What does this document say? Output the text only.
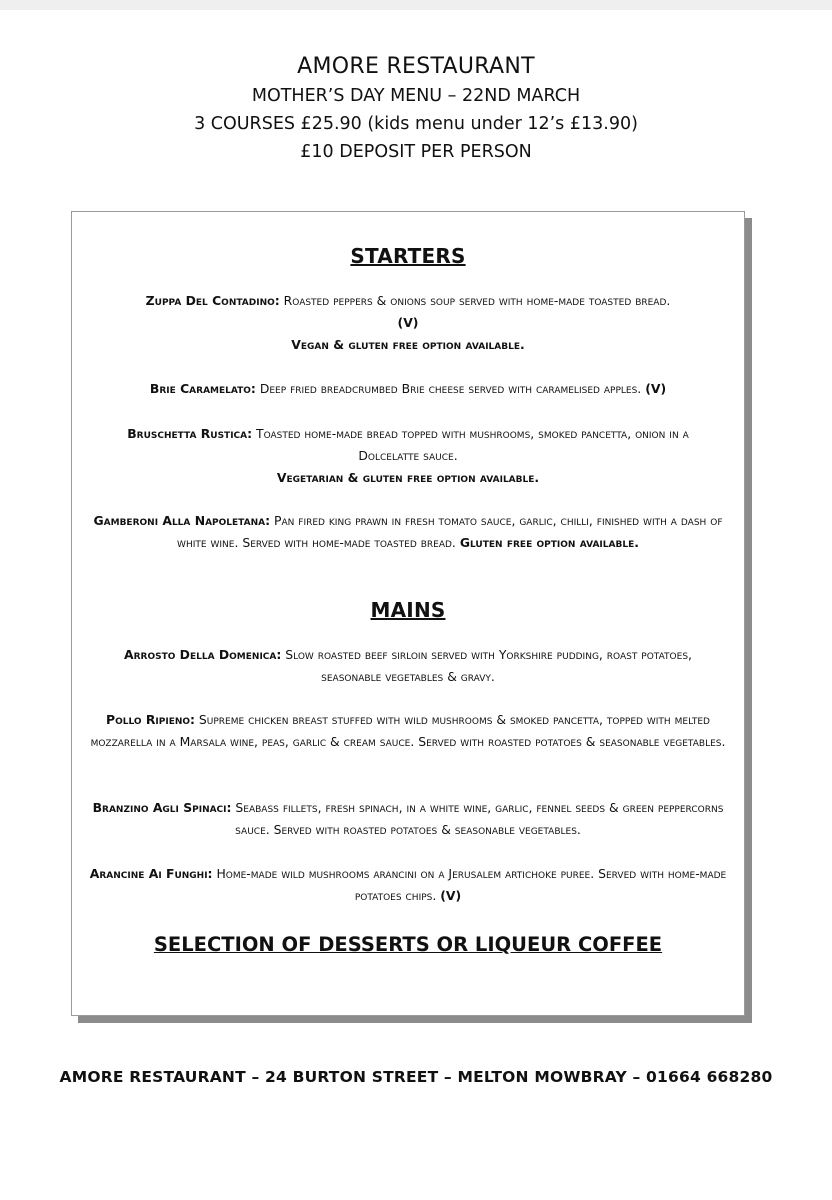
AMORE RESTAURANT
MOTHER’S DAY MENU – 22ND MARCH
3 COURSES £25.90 (kids menu under 12’s £13.90)
£10 DEPOSIT PER PERSON
STARTERS
Zuppa Del Contadino: Roasted peppers & onions soup served with home-made toasted bread.
(V)
Vegan & gluten free option available.
Brie Caramelato: Deep fried breadcrumbed Brie cheese served with caramelised apples. (V)
Bruschetta Rustica: Toasted home-made bread topped with mushrooms, smoked pancetta, onion in a Dolcelatte sauce.
Vegetarian & gluten free option available.
Gamberoni Alla Napoletana: Pan fired king prawn in fresh tomato sauce, garlic, chilli, finished with a dash of white wine. Served with home-made toasted bread. Gluten free option available.
MAINS
Arrosto Della Domenica: Slow roasted beef sirloin served with Yorkshire pudding, roast potatoes, seasonable vegetables & gravy.
Pollo Ripieno: Supreme chicken breast stuffed with wild mushrooms & smoked pancetta, topped with melted mozzarella in a Marsala wine, peas, garlic & cream sauce. Served with roasted potatoes & seasonable vegetables.
Branzino Agli Spinaci: Seabass fillets, fresh spinach, in a white wine, garlic, fennel seeds & green peppercorns sauce. Served with roasted potatoes & seasonable vegetables.
Arancine Ai Funghi: Home-made wild mushrooms arancini on a Jerusalem artichoke puree. Served with home-made potatoes chips. (V)
SELECTION OF DESSERTS OR LIQUEUR COFFEE
AMORE RESTAURANT – 24 BURTON STREET – MELTON MOWBRAY – 01664 668280
